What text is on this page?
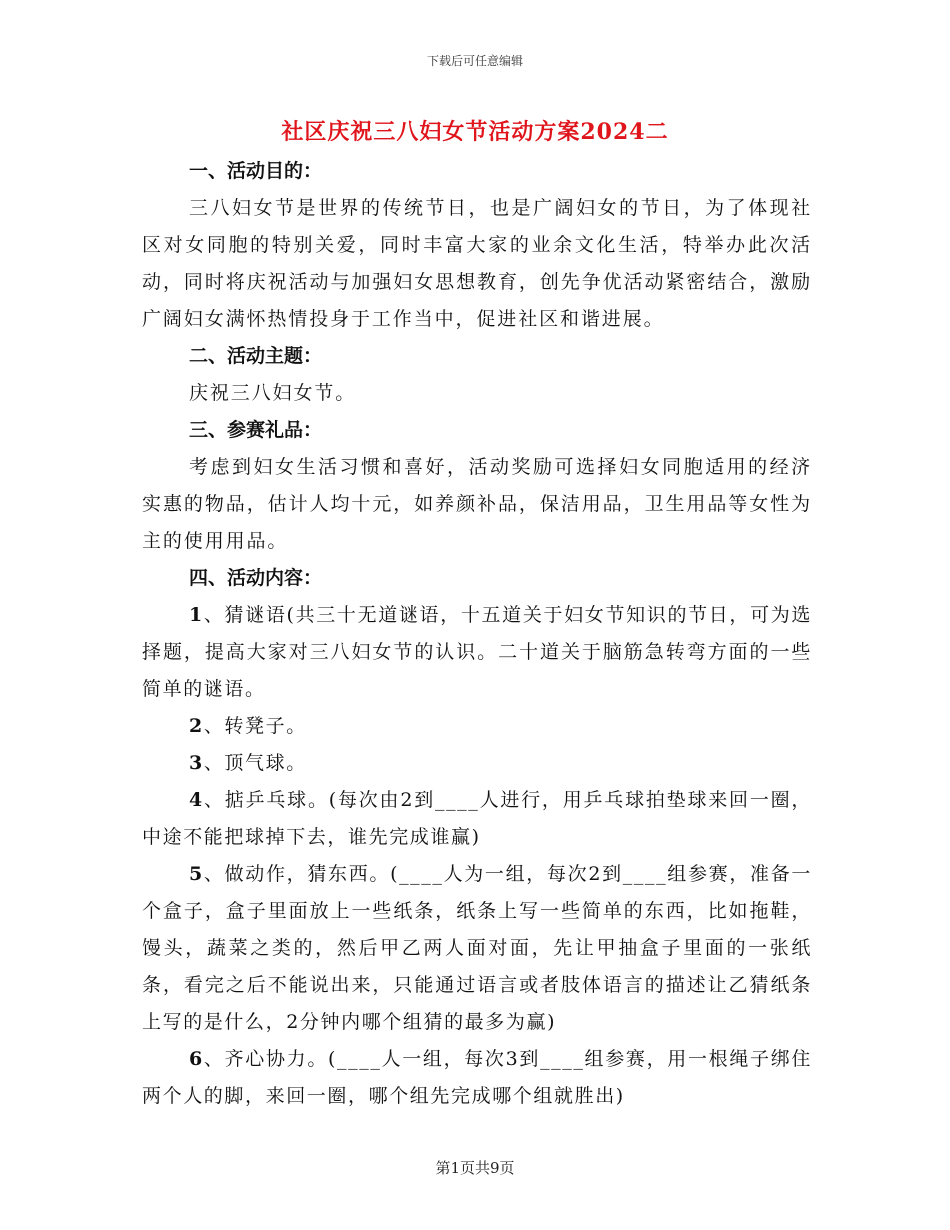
下载后可任意编辑
社区庆祝三八妇女节活动方案2024二
一、活动目的：

三八妇女节是世界的传统节日，也是广阔妇女的节日，为了体现社区对女同胞的特别关爱，同时丰富大家的业余文化生活，特举办此次活动，同时将庆祝活动与加强妇女思想教育，创先争优活动紧密结合，激励广阔妇女满怀热情投身于工作当中，促进社区和谐进展。

二、活动主题：

庆祝三八妇女节。

三、参赛礼品：

考虑到妇女生活习惯和喜好，活动奖励可选择妇女同胞适用的经济实惠的物品，估计人均十元，如养颜补品，保洁用品，卫生用品等女性为主的使用用品。

四、活动内容：

1、猜谜语(共三十无道谜语，十五道关于妇女节知识的节日，可为选择题，提高大家对三八妇女节的认识。二十道关于脑筋急转弯方面的一些简单的谜语。

2、转凳子。

3、顶气球。

4、掂乒乓球。(每次由2到____人进行，用乒乓球拍垫球来回一圈，中途不能把球掉下去，谁先完成谁赢)

5、做动作，猜东西。(____人为一组，每次2到____组参赛，准备一个盒子，盒子里面放上一些纸条，纸条上写一些简单的东西，比如拖鞋，馒头，蔬菜之类的，然后甲乙两人面对面，先让甲抽盒子里面的一张纸条，看完之后不能说出来，只能通过语言或者肢体语言的描述让乙猜纸条上写的是什么，2分钟内哪个组猜的最多为赢)

6、齐心协力。(____人一组，每次3到____组参赛，用一根绳子绑住两个人的脚，来回一圈，哪个组先完成哪个组就胜出)

第1页共9页
